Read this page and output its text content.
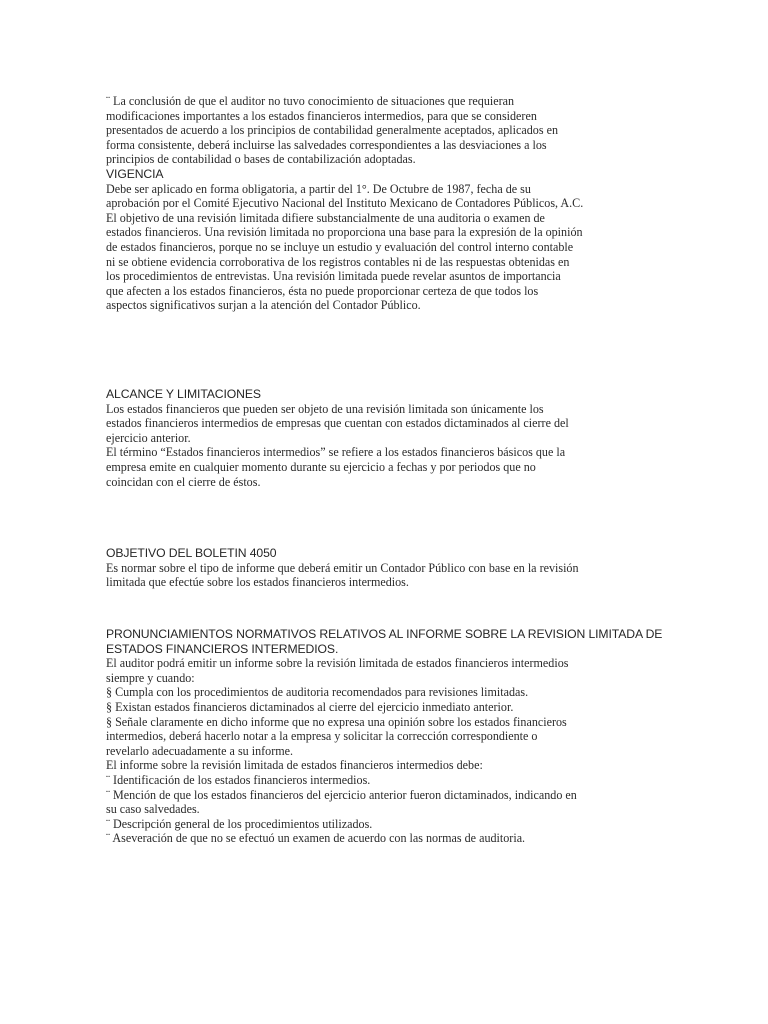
¨ La conclusión de que el auditor no tuvo conocimiento de situaciones que requieran
modificaciones importantes a los estados financieros intermedios, para que se consideren
presentados de acuerdo a los principios de contabilidad generalmente aceptados, aplicados en
forma consistente, deberá incluirse las salvedades correspondientes a las desviaciones a los
principios de contabilidad o bases de contabilización adoptadas.
VIGENCIA
Debe ser aplicado en forma obligatoria, a partir del 1°. De Octubre de 1987, fecha de su
aprobación por el Comité Ejecutivo Nacional del Instituto Mexicano de Contadores Públicos, A.C.
El objetivo de una revisión limitada difiere substancialmente de una auditoria o examen de
estados financieros. Una revisión limitada no proporciona una base para la expresión de la opinión
de estados financieros, porque no se incluye un estudio y evaluación del control interno contable
ni se obtiene evidencia corroborativa de los registros contables ni de las respuestas obtenidas en
los procedimientos de entrevistas. Una revisión limitada puede revelar asuntos de importancia
que afecten a los estados financieros, ésta no puede proporcionar certeza de que todos los
aspectos significativos surjan a la atención del Contador Público.
ALCANCE Y LIMITACIONES
Los estados financieros que pueden ser objeto de una revisión limitada son únicamente los
estados financieros intermedios de empresas que cuentan con estados dictaminados al cierre del
ejercicio anterior.
El término “Estados financieros intermedios” se refiere a los estados financieros básicos que la
empresa emite en cualquier momento durante su ejercicio a fechas y por periodos que no
coincidan con el cierre de éstos.
OBJETIVO DEL BOLETIN 4050
Es normar sobre el tipo de informe que deberá emitir un Contador Público con base en la revisión
limitada que efectúe sobre los estados financieros intermedios.
PRONUNCIAMIENTOS NORMATIVOS RELATIVOS AL INFORME SOBRE LA REVISION LIMITADA DE
ESTADOS FINANCIEROS INTERMEDIOS.
El auditor podrá emitir un informe sobre la revisión limitada de estados financieros intermedios
siempre y cuando:
§ Cumpla con los procedimientos de auditoria recomendados para revisiones limitadas.
§ Existan estados financieros dictaminados al cierre del ejercicio inmediato anterior.
§ Señale claramente en dicho informe que no expresa una opinión sobre los estados financieros
intermedios, deberá hacerlo notar a la empresa y solicitar la corrección correspondiente o
revelarlo adecuadamente a su informe.
El informe sobre la revisión limitada de estados financieros intermedios debe:
¨ Identificación de los estados financieros intermedios.
¨ Mención de que los estados financieros del ejercicio anterior fueron dictaminados, indicando en
su caso salvedades.
¨ Descripción general de los procedimientos utilizados.
¨ Aseveración de que no se efectuó un examen de acuerdo con las normas de auditoria.
